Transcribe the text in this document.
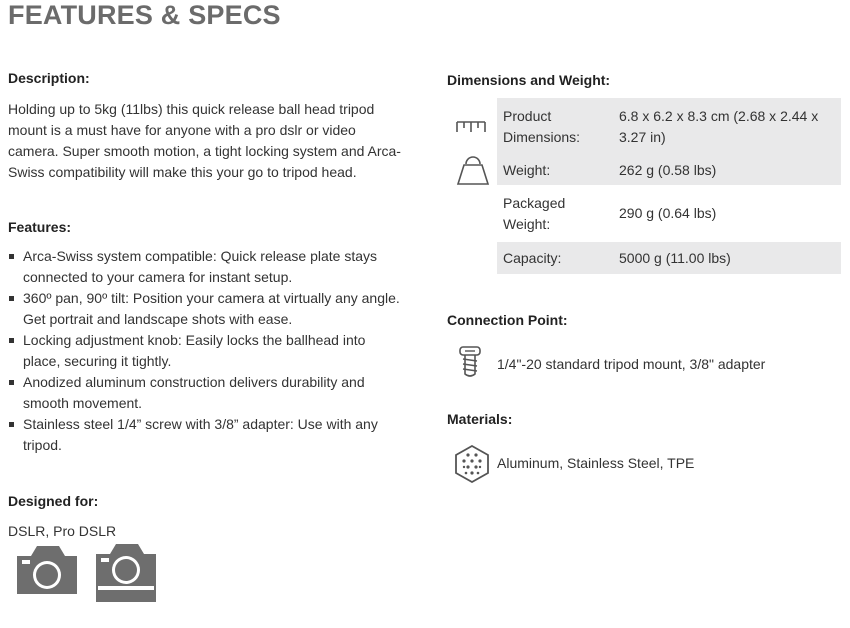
FEATURES & SPECS
Description:

Holding up to 5kg (11lbs) this quick release ball head tripod mount is a must have for anyone with a pro dslr or video camera. Super smooth motion, a tight locking system and Arca-Swiss compatibility will make this your go to tripod head.

Features:
Arca-Swiss system compatible: Quick release plate stays connected to your camera for instant setup.
360º pan, 90º tilt: Position your camera at virtually any angle. Get portrait and landscape shots with ease.
Locking adjustment knob: Easily locks the ballhead into place, securing it tightly.
Anodized aluminum construction delivers durability and smooth movement.
Stainless steel 1/4” screw with 3/8” adapter: Use with any tripod.
Designed for:

DSLR, Pro DSLR

Dimensions and Weight:
Product Dimensions:	6.8 x 6.2 x 8.3 cm (2.68 x 2.44 x 3.27 in)
Weight:	262 g (0.58 lbs)
Packaged Weight:	290 g (0.64 lbs)
Capacity:	5000 g (11.00 lbs)
Connection Point:
1/4"-20 standard tripod mount, 3/8" adapter
Materials:
Aluminum, Stainless Steel, TPE
